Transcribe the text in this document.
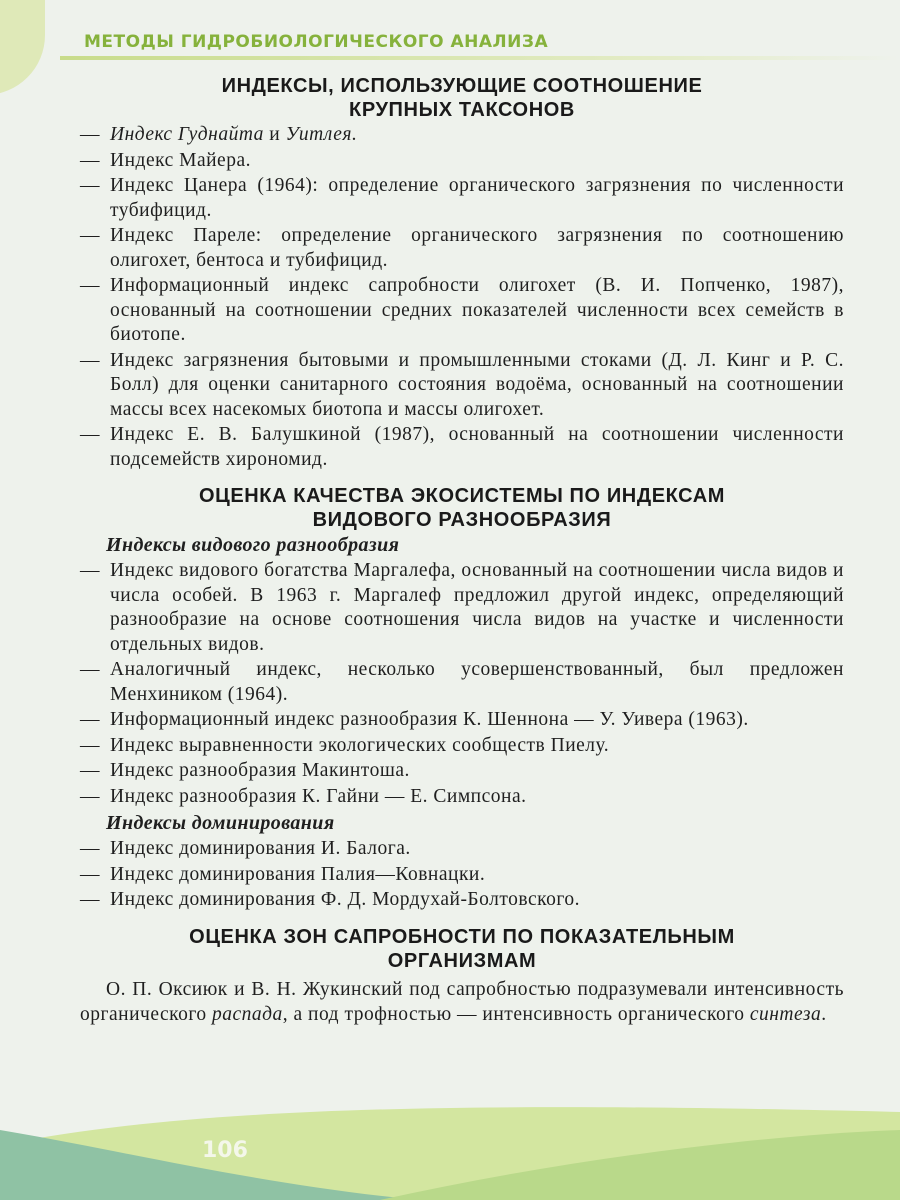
МЕТОДЫ ГИДРОБИОЛОГИЧЕСКОГО АНАЛИЗА
ИНДЕКСЫ, ИСПОЛЬЗУЮЩИЕ СООТНОШЕНИЕ
КРУПНЫХ ТАКСОНОВ
— Индекс Гуднайта и Уитлея.
— Индекс Майера.
— Индекс Цанера (1964): определение органического загрязнения по численности тубифицид.
— Индекс Пареле: определение органического загрязнения по соотношению олигохет, бентоса и тубифицид.
— Информационный индекс сапробности олигохет (В. И. Попченко, 1987), основанный на соотношении средних показателей численности всех семейств в биотопе.
— Индекс загрязнения бытовыми и промышленными стоками (Д. Л. Кинг и Р. С. Болл) для оценки санитарного состояния водоёма, основанный на соотношении массы всех насекомых биотопа и массы олигохет.
— Индекс Е. В. Балушкиной (1987), основанный на соотношении численности подсемейств хирономид.
ОЦЕНКА КАЧЕСТВА ЭКОСИСТЕМЫ ПО ИНДЕКСАМ
ВИДОВОГО РАЗНООБРАЗИЯ
Индексы видового разнообразия
— Индекс видового богатства Маргалефа, основанный на соотношении числа видов и числа особей. В 1963 г. Маргалеф предложил другой индекс, определяющий разнообразие на основе соотношения числа видов на участке и численности отдельных видов.
— Аналогичный индекс, несколько усовершенствованный, был предложен Менхиником (1964).
— Информационный индекс разнообразия К. Шеннона — У. Уивера (1963).
— Индекс выравненности экологических сообществ Пиелу.
— Индекс разнообразия Макинтоша.
— Индекс разнообразия К. Гайни — Е. Симпсона.
Индексы доминирования
— Индекс доминирования И. Балога.
— Индекс доминирования Палия—Ковнацки.
— Индекс доминирования Ф. Д. Мордухай-Болтовского.
ОЦЕНКА ЗОН САПРОБНОСТИ ПО ПОКАЗАТЕЛЬНЫМ
ОРГАНИЗМАМ

О. П. Оксиюк и В. Н. Жукинский под сапробностью подразумевали интенсивность органического распада, а под трофностью — интенсивность органического синтеза.

106
